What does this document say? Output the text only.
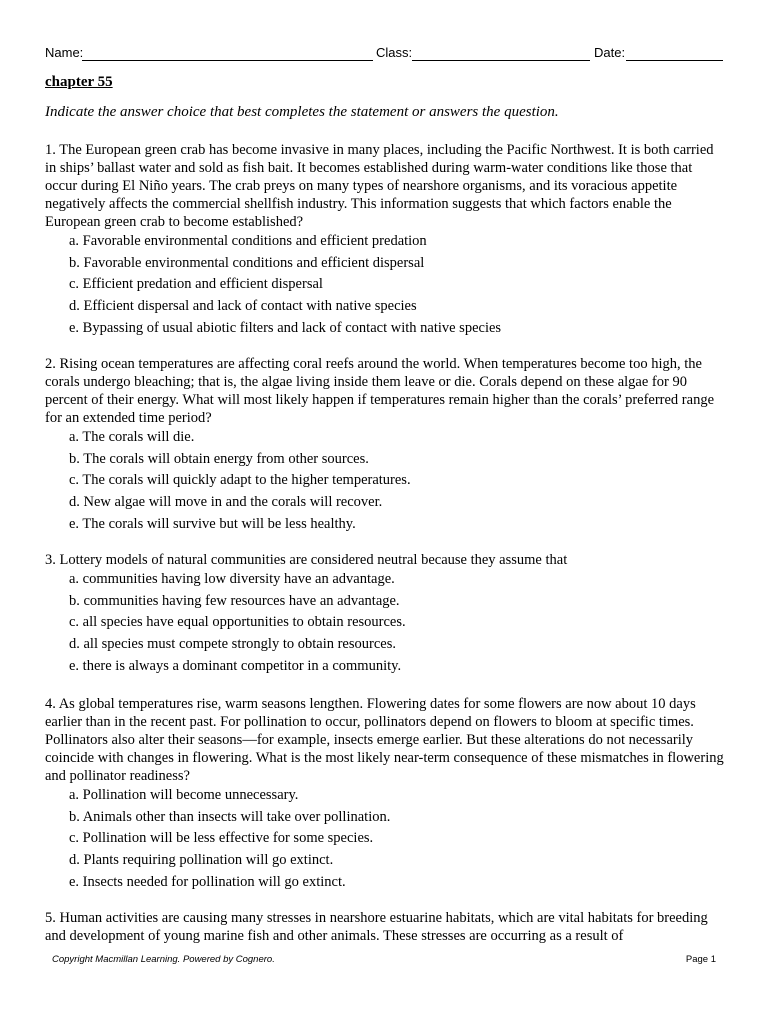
Name:	Class:	Date:
chapter 55
Indicate the answer choice that best completes the statement or answers the question.

1. The European green crab has become invasive in many places, including the Pacific Northwest. It is both carried in ships’ ballast water and sold as fish bait. It becomes established during warm-water conditions like those that occur during El Niño years. The crab preys on many types of nearshore organisms, and its voracious appetite negatively affects the commercial shellfish industry. This information suggests that which factors enable the European green crab to become established?

a. Favorable environmental conditions and efficient predation
b. Favorable environmental conditions and efficient dispersal
c. Efficient predation and efficient dispersal
d. Efficient dispersal and lack of contact with native species
e. Bypassing of usual abiotic filters and lack of contact with native species

2. Rising ocean temperatures are affecting coral reefs around the world. When temperatures become too high, the corals undergo bleaching; that is, the algae living inside them leave or die. Corals depend on these algae for 90 percent of their energy. What will most likely happen if temperatures remain higher than the corals’ preferred range for an extended time period?

a. The corals will die.
b. The corals will obtain energy from other sources.
c. The corals will quickly adapt to the higher temperatures.
d. New algae will move in and the corals will recover.
e. The corals will survive but will be less healthy.

3. Lottery models of natural communities are considered neutral because they assume that

a. communities having low diversity have an advantage.
b. communities having few resources have an advantage.
c. all species have equal opportunities to obtain resources.
d. all species must compete strongly to obtain resources.
e. there is always a dominant competitor in a community.

4. As global temperatures rise, warm seasons lengthen. Flowering dates for some flowers are now about 10 days earlier than in the recent past. For pollination to occur, pollinators depend on flowers to bloom at specific times. Pollinators also alter their seasons—for example, insects emerge earlier. But these alterations do not necessarily coincide with changes in flowering. What is the most likely near-term consequence of these mismatches in flowering and pollinator readiness?

a. Pollination will become unnecessary.
b. Animals other than insects will take over pollination.
c. Pollination will be less effective for some species.
d. Plants requiring pollination will go extinct.
e. Insects needed for pollination will go extinct.

5. Human activities are causing many stresses in nearshore estuarine habitats, which are vital habitats for breeding and development of young marine fish and other animals. These stresses are occurring as a result of

Copyright Macmillan Learning. Powered by Cognero.	Page 1
